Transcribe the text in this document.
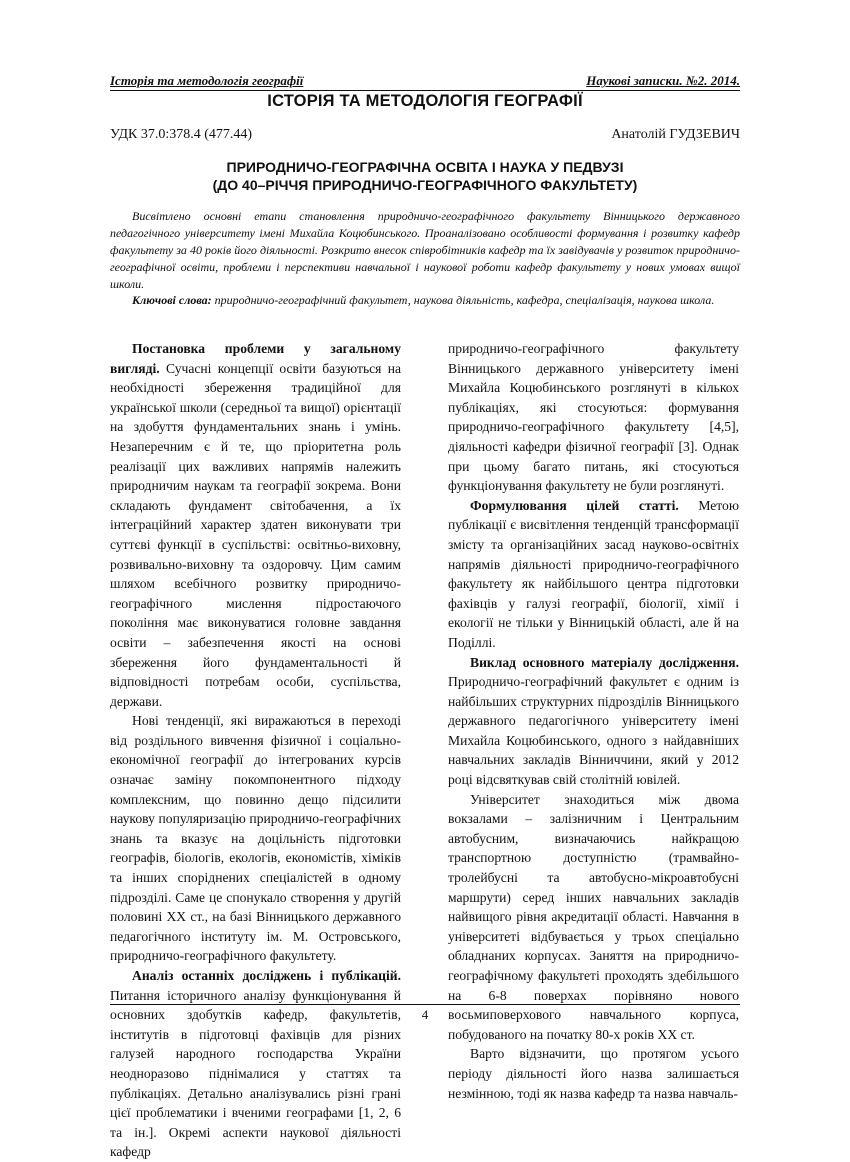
Історія та методологія географії	Наукові записки. №2. 2014.
ІСТОРІЯ ТА МЕТОДОЛОГІЯ ГЕОГРАФІЇ
УДК 37.0:378.4 (477.44)	Анатолій ГУДЗЕВИЧ
ПРИРОДНИЧО-ГЕОГРАФІЧНА ОСВІТА І НАУКА У ПЕДВУЗІ
(ДО 40–РІЧЧЯ ПРИРОДНИЧО-ГЕОГРАФІЧНОГО ФАКУЛЬТЕТУ)
Висвітлено основні етапи становлення природничо-географічного факультету Вінницького державного педагогічного університету імені Михайла Коцюбинського. Проаналізовано особливості формування і розвитку кафедр факультету за 40 років його діяльності. Розкрито внесок співробітників кафедр та їх завідувачів у розвиток природничо-географічної освіти, проблеми і перспективи навчальної і наукової роботи кафедр факультету у нових умовах вищої школи.
Ключові слова: природничо-географічний факультет, наукова діяльність, кафедра, спеціалізація, наукова школа.

Постановка проблеми у загальному вигляді. Сучасні концепції освіти базуються на необхідності збереження традиційної для української школи (середньої та вищої) орієнтації на здобуття фундаментальних знань і умінь. Незаперечним є й те, що пріоритетна роль реалізації цих важливих напрямів належить природничим наукам та географії зокрема. Вони складають фундамент світобачення, а їх інтеграційний характер здатен виконувати три суттєві функції в суспільстві: освітньо-виховну, розвивально-виховну та оздоровчу. Цим самим шляхом всебічного розвитку природничо-географічного мислення підростаючого покоління має виконуватися головне завдання освіти – забезпечення якості на основі збереження його фундаментальності й відповідності потребам особи, суспільства, держави.

Нові тенденції, які виражаються в переході від роздільного вивчення фізичної і соціально-економічної географії до інтегрованих курсів означає заміну покомпонентного підходу комплексним, що повинно дещо підсилити наукову популяризацію природничо-географічних знань та вказує на доцільність підготовки географів, біологів, екологів, економістів, хіміків та інших споріднених спеціалістей в одному підрозділі. Саме це спонукало створення у другій половині ХХ ст., на базі Вінницького державного педагогічного інституту ім. М. Островського, природничо-географічного факультету.

Аналіз останніх досліджень і публікацій. Питання історичного аналізу функціонування й основних здобутків кафедр, факультетів, інститутів в підготовці фахівців для різних галузей народного господарства України неодноразово піднімалися у статтях та публікаціях. Детально аналізувались різні грані цієї проблематики і вченими географами [1, 2, 6 та ін.]. Окремі аспекти наукової діяльності кафедр

природничо-географічного факультету Вінницького державного університету імені Михайла Коцюбинського розглянуті в кількох публікаціях, які стосуються: формування природничо-географічного факультету [4,5], діяльності кафедри фізичної географії [3]. Однак при цьому багато питань, які стосуються функціонування факультету не були розглянуті.

Формулювання цілей статті. Метою публікації є висвітлення тенденцій трансформації змісту та організаційних засад науково-освітніх напрямів діяльності природничо-географічного факультету як найбільшого центра підготовки фахівців у галузі географії, біології, хімії і екології не тільки у Вінницькій області, але й на Поділлі.

Виклад основного матеріалу дослідження. Природничо-географічний факультет є одним із найбільших структурних підрозділів Вінницького державного педагогічного університету імені Михайла Коцюбинського, одного з найдавніших навчальних закладів Вінниччини, який у 2012 році відсвяткував свій столітній ювілей.

Університет знаходиться між двома вокзалами – залізничним і Центральним автобусним, визначаючись найкращою транспортною доступністю (трамвайно-тролейбусні та автобусно-мікроавтобусні маршрути) серед інших навчальних закладів найвищого рівня акредитації області. Навчання в університеті відбувається у трьох спеціально обладнаних корпусах. Заняття на природничо-географічному факультеті проходять здебільшого на 6-8 поверхах порівняно нового восьмиповерхового навчального корпуса, побудованого на початку 80-х років ХХ ст.

Варто відзначити, що протягом усього періоду діяльності його назва залишається незмінною, тоді як назва кафедр та назва навчаль-

4
